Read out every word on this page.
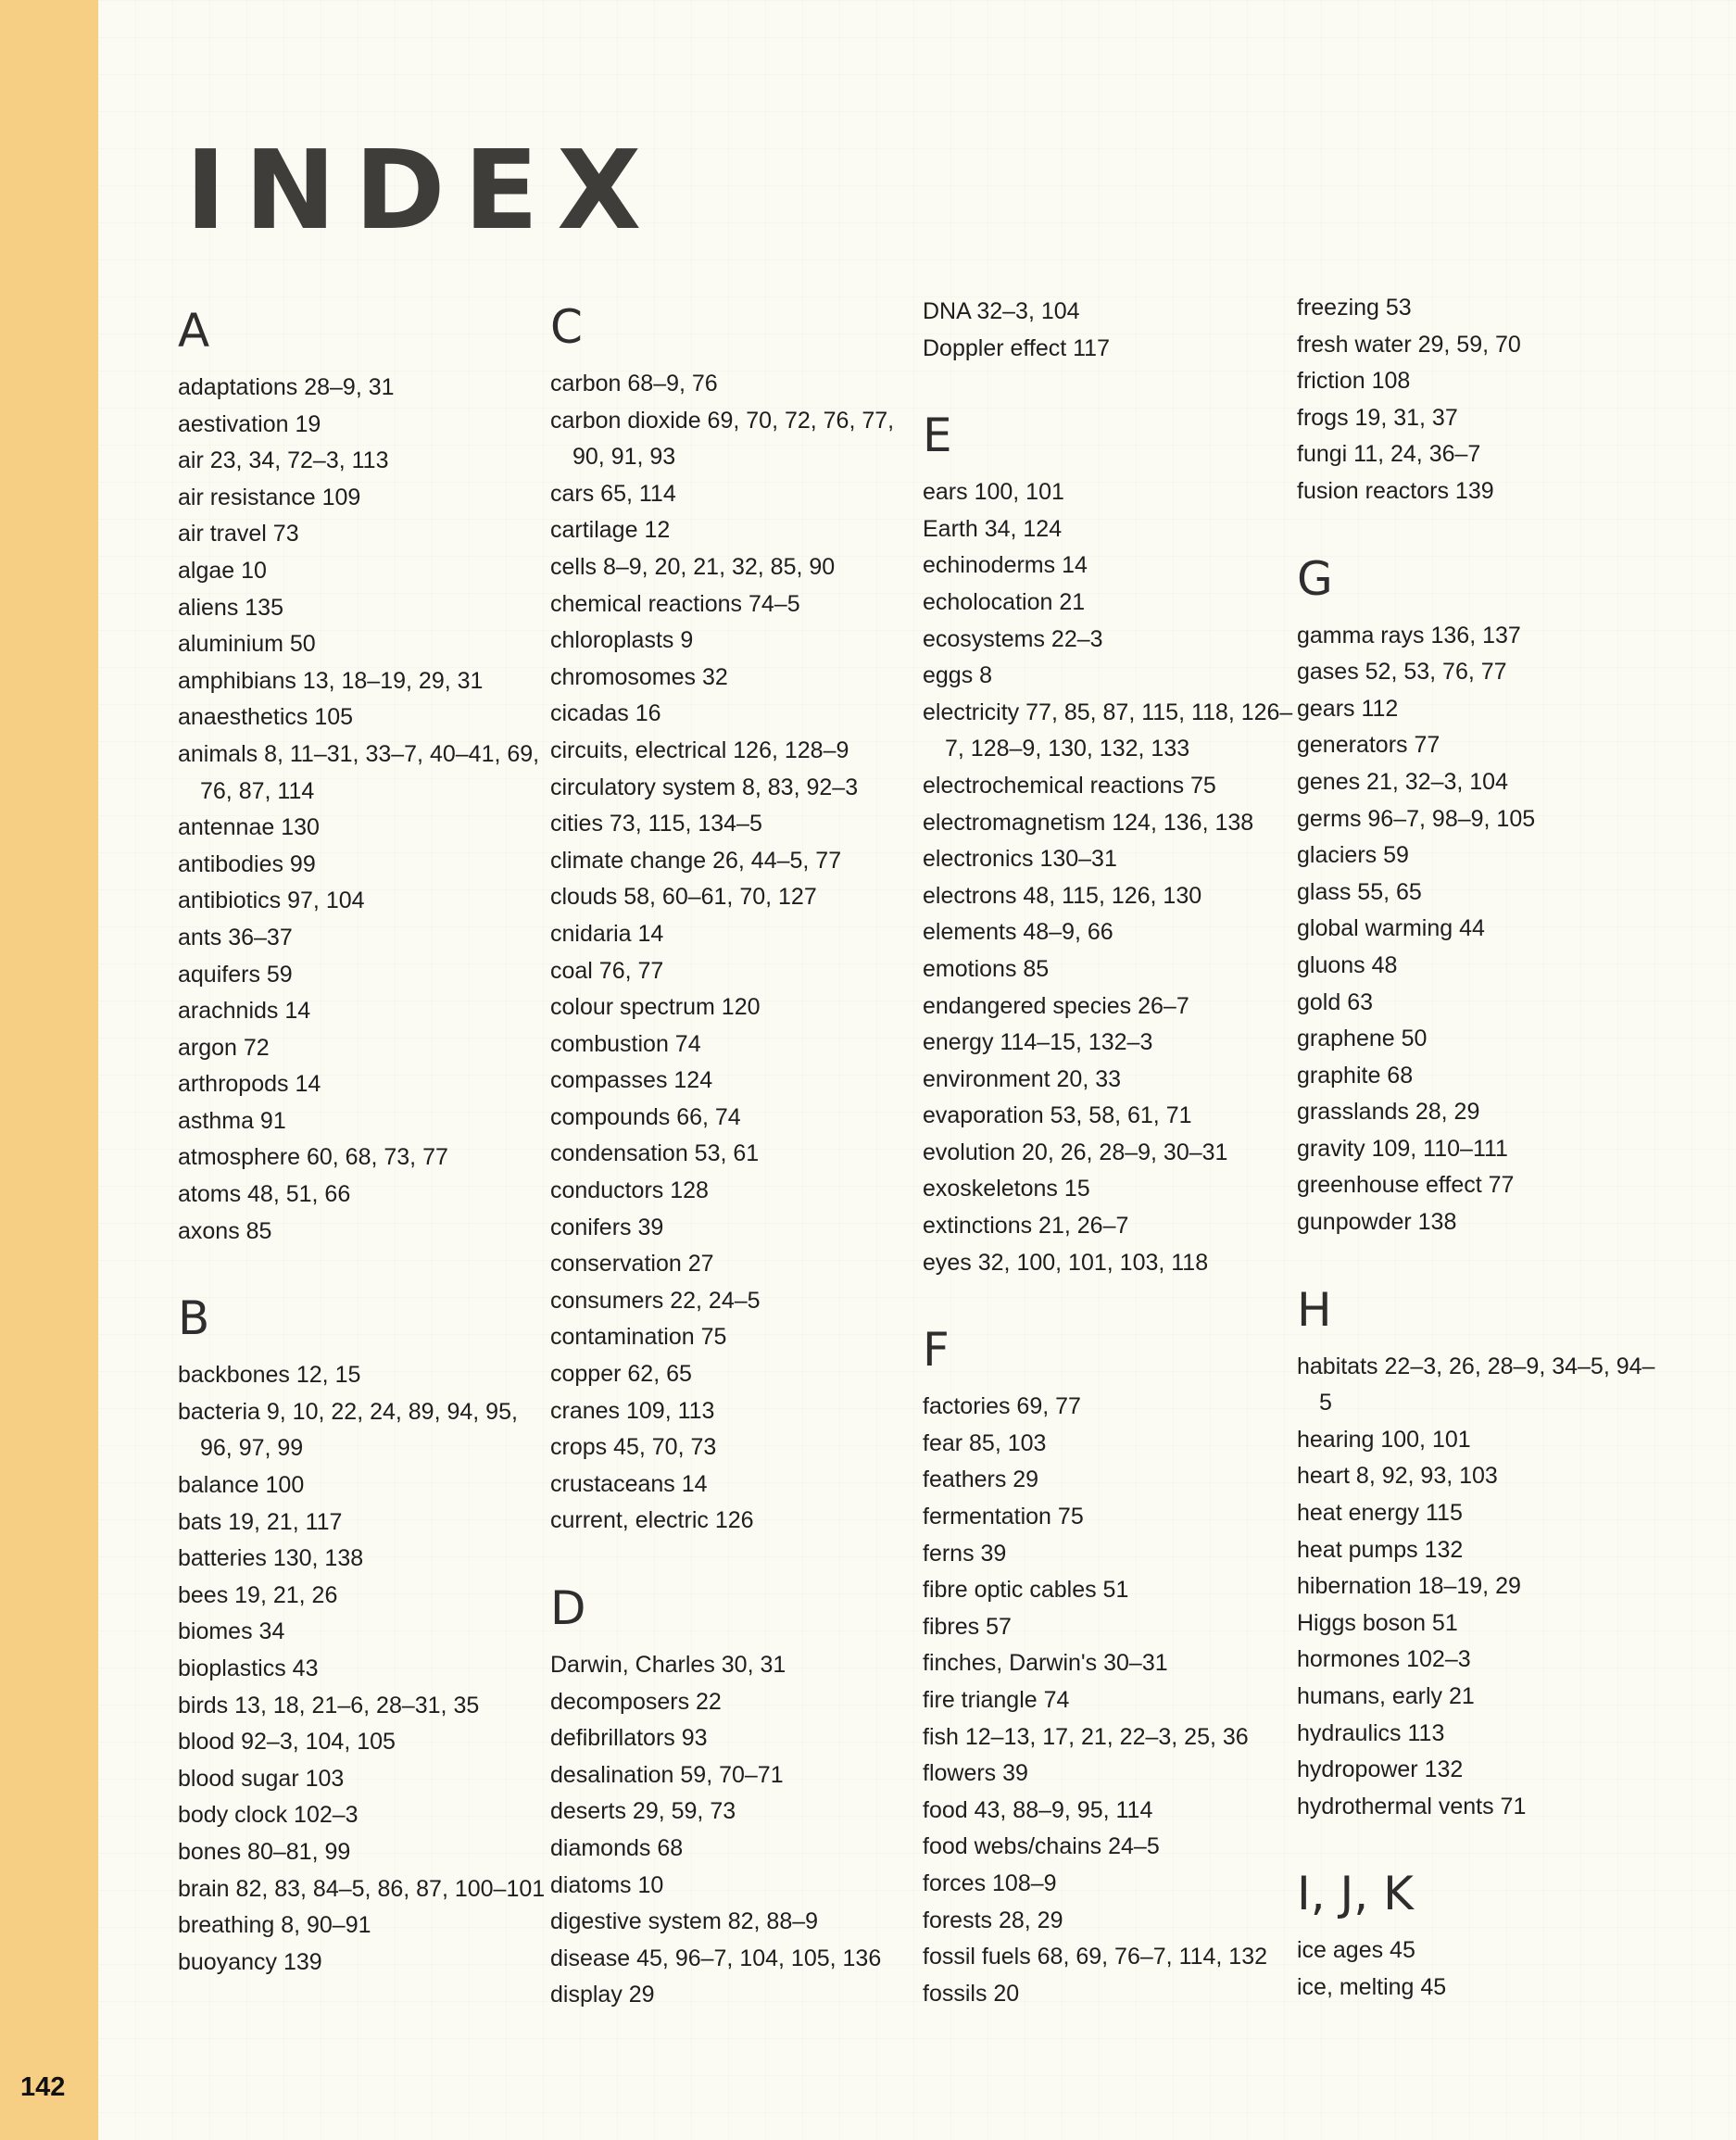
142
INDEX
A
adaptations 28–9, 31
aestivation 19
air 23, 34, 72–3, 113
air resistance 109
air travel 73
algae 10
aliens 135
aluminium 50
amphibians 13, 18–19, 29, 31
anaesthetics 105
animals 8, 11–31, 33–7, 40–41, 69, 76, 87, 114
antennae 130
antibodies 99
antibiotics 97, 104
ants 36–37
aquifers 59
arachnids 14
argon 72
arthropods 14
asthma 91
atmosphere 60, 68, 73, 77
atoms 48, 51, 66
axons 85
B
backbones 12, 15
bacteria 9, 10, 22, 24, 89, 94, 95, 96, 97, 99
balance 100
bats 19, 21, 117
batteries 130, 138
bees 19, 21, 26
biomes 34
bioplastics 43
birds 13, 18, 21–6, 28–31, 35
blood 92–3, 104, 105
blood sugar 103
body clock 102–3
bones 80–81, 99
brain 82, 83, 84–5, 86, 87, 100–101
breathing 8, 90–91
buoyancy 139
C
carbon 68–9, 76
carbon dioxide 69, 70, 72, 76, 77, 90, 91, 93
cars 65, 114
cartilage 12
cells 8–9, 20, 21, 32, 85, 90
chemical reactions 74–5
chloroplasts 9
chromosomes 32
cicadas 16
circuits, electrical 126, 128–9
circulatory system 8, 83, 92–3
cities 73, 115, 134–5
climate change 26, 44–5, 77
clouds 58, 60–61, 70, 127
cnidaria 14
coal 76, 77
colour spectrum 120
combustion 74
compasses 124
compounds 66, 74
condensation 53, 61
conductors 128
conifers 39
conservation 27
consumers 22, 24–5
contamination 75
copper 62, 65
cranes 109, 113
crops 45, 70, 73
crustaceans 14
current, electric 126
D
Darwin, Charles 30, 31
decomposers 22
defibrillators 93
desalination 59, 70–71
deserts 29, 59, 73
diamonds 68
diatoms 10
digestive system 82, 88–9
disease 45, 96–7, 104, 105, 136
display 29
DNA 32–3, 104
Doppler effect 117
E
ears 100, 101
Earth 34, 124
echinoderms 14
echolocation 21
ecosystems 22–3
eggs 8
electricity 77, 85, 87, 115, 118, 126–7, 128–9, 130, 132, 133
electrochemical reactions 75
electromagnetism 124, 136, 138
electronics 130–31
electrons 48, 115, 126, 130
elements 48–9, 66
emotions 85
endangered species 26–7
energy 114–15, 132–3
environment 20, 33
evaporation 53, 58, 61, 71
evolution 20, 26, 28–9, 30–31
exoskeletons 15
extinctions 21, 26–7
eyes 32, 100, 101, 103, 118
F
factories 69, 77
fear 85, 103
feathers 29
fermentation 75
ferns 39
fibre optic cables 51
fibres 57
finches, Darwin's 30–31
fire triangle 74
fish 12–13, 17, 21, 22–3, 25, 36
flowers 39
food 43, 88–9, 95, 114
food webs/chains 24–5
forces 108–9
forests 28, 29
fossil fuels 68, 69, 76–7, 114, 132
fossils 20
freezing 53
fresh water 29, 59, 70
friction 108
frogs 19, 31, 37
fungi 11, 24, 36–7
fusion reactors 139
G
gamma rays 136, 137
gases 52, 53, 76, 77
gears 112
generators 77
genes 21, 32–3, 104
germs 96–7, 98–9, 105
glaciers 59
glass 55, 65
global warming 44
gluons 48
gold 63
graphene 50
graphite 68
grasslands 28, 29
gravity 109, 110–111
greenhouse effect 77
gunpowder 138
H
habitats 22–3, 26, 28–9, 34–5, 94–5
hearing 100, 101
heart 8, 92, 93, 103
heat energy 115
heat pumps 132
hibernation 18–19, 29
Higgs boson 51
hormones 102–3
humans, early 21
hydraulics 113
hydropower 132
hydrothermal vents 71
I, J, K
ice ages 45
ice, melting 45
